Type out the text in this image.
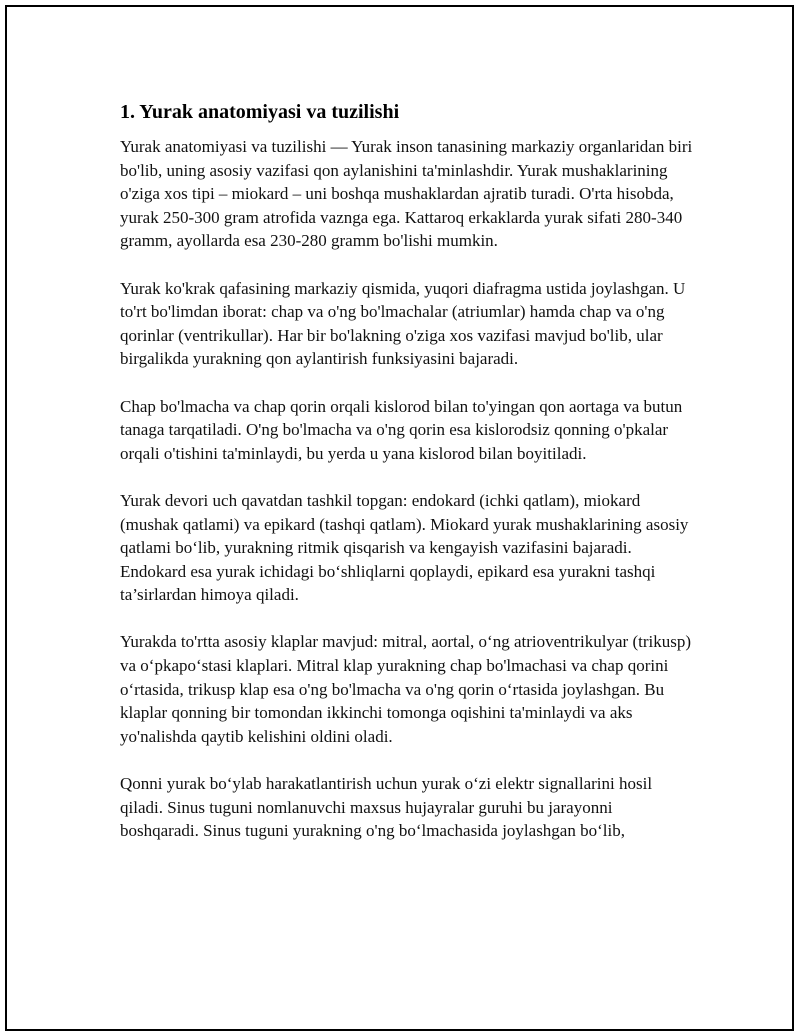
1. Yurak anatomiyasi va tuzilishi

Yurak anatomiyasi va tuzilishi — Yurak inson tanasining markaziy organlaridan biri bo'lib, uning asosiy vazifasi qon aylanishini ta'minlashdir. Yurak mushaklarining o'ziga xos tipi – miokard – uni boshqa mushaklardan ajratib turadi. O'rta hisobda, yurak 250-300 gram atrofida vaznga ega. Kattaroq erkaklarda yurak sifati 280-340 gramm, ayollarda esa 230-280 gramm bo'lishi mumkin.

Yurak ko'krak qafasining markaziy qismida, yuqori diafragma ustida joylashgan. U to'rt bo'limdan iborat: chap va o'ng bo'lmachalar (atriumlar) hamda chap va o'ng qorinlar (ventrikullar). Har bir bo'lakning o'ziga xos vazifasi mavjud bo'lib, ular birgalikda yurakning qon aylantirish funksiyasini bajaradi.

Chap bo'lmacha va chap qorin orqali kislorod bilan to'yingan qon aortaga va butun tanaga tarqatiladi. O'ng bo'lmacha va o'ng qorin esa kislorodsiz qonning o'pkalar orqali o'tishini ta'minlaydi, bu yerda u yana kislorod bilan boyitiladi.

Yurak devori uch qavatdan tashkil topgan: endokard (ichki qatlam), miokard (mushak qatlami) va epikard (tashqi qatlam). Miokard yurak mushaklarining asosiy qatlami bo‘lib, yurakning ritmik qisqarish va kengayish vazifasini bajaradi. Endokard esa yurak ichidagi bo‘shliqlarni qoplaydi, epikard esa yurakni tashqi ta’sirlardan himoya qiladi.

Yurakda to'rtta asosiy klaplar mavjud: mitral, aortal, o‘ng atrioventrikulyar (trikusp) va o‘pkapo‘stasi klaplari. Mitral klap yurakning chap bo'lmachasi va chap qorini o‘rtasida, trikusp klap esa o'ng bo'lmacha va o'ng qorin o‘rtasida joylashgan. Bu klaplar qonning bir tomondan ikkinchi tomonga oqishini ta'minlaydi va aks yo'nalishda qaytib kelishini oldini oladi.

Qonni yurak bo‘ylab harakatlantirish uchun yurak o‘zi elektr signallarini hosil qiladi. Sinus tuguni nomlanuvchi maxsus hujayralar guruhi bu jarayonni boshqaradi. Sinus tuguni yurakning o'ng bo‘lmachasida joylashgan bo‘lib,
